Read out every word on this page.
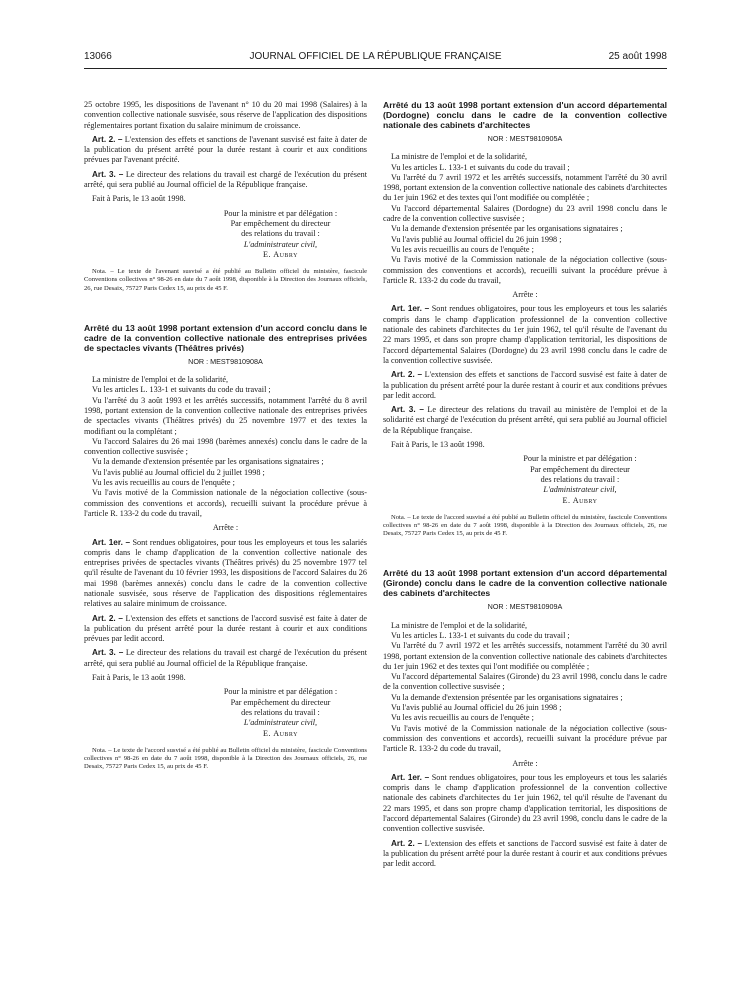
13066	JOURNAL OFFICIEL DE LA RÉPUBLIQUE FRANÇAISE	25 août 1998

25 octobre 1995, les dispositions de l'avenant n° 10 du 20 mai 1998 (Salaires) à la convention collective nationale susvisée, sous réserve de l'application des dispositions réglementaires portant fixation du salaire minimum de croissance.

Art. 2. – L'extension des effets et sanctions de l'avenant susvisé est faite à dater de la publication du présent arrêté pour la durée restant à courir et aux conditions prévues par l'avenant précité.

Art. 3. – Le directeur des relations du travail est chargé de l'exécution du présent arrêté, qui sera publié au Journal officiel de la République française.

Fait à Paris, le 13 août 1998.

Pour la ministre et par délégation :

Par empêchement du directeur

des relations du travail :

L'administrateur civil,

E. Aubry

Nota. – Le texte de l'avenant susvisé a été publié au Bulletin officiel du ministère, fascicule Conventions collectives n° 98-26 en date du 7 août 1998, disponible à la Direction des Journaux officiels, 26, rue Desaix, 75727 Paris Cedex 15, au prix de 45 F.

Arrêté du 13 août 1998 portant extension d'un accord conclu dans le cadre de la convention collective nationale des entreprises privées de spectacles vivants (Théâtres privés)

NOR : MEST9810908A

La ministre de l'emploi et de la solidarité,

Vu les articles L. 133-1 et suivants du code du travail ;

Vu l'arrêté du 3 août 1993 et les arrêtés successifs, notamment l'arrêté du 8 avril 1998, portant extension de la convention collective nationale des entreprises privées de spectacles vivants (Théâtres privés) du 25 novembre 1977 et des textes la modifiant ou la complétant ;

Vu l'accord Salaires du 26 mai 1998 (barèmes annexés) conclu dans le cadre de la convention collective susvisée ;

Vu la demande d'extension présentée par les organisations signataires ;

Vu l'avis publié au Journal officiel du 2 juillet 1998 ;

Vu les avis recueillis au cours de l'enquête ;

Vu l'avis motivé de la Commission nationale de la négociation collective (sous-commission des conventions et accords), recueilli suivant la procédure prévue à l'article R. 133-2 du code du travail,

Arrête :

Art. 1er. – Sont rendues obligatoires, pour tous les employeurs et tous les salariés compris dans le champ d'application de la convention collective nationale des entreprises privées de spectacles vivants (Théâtres privés) du 25 novembre 1977 tel qu'il résulte de l'avenant du 10 février 1993, les dispositions de l'accord Salaires du 26 mai 1998 (barèmes annexés) conclu dans le cadre de la convention collective nationale susvisée, sous réserve de l'application des dispositions réglementaires relatives au salaire minimum de croissance.

Art. 2. – L'extension des effets et sanctions de l'accord susvisé est faite à dater de la publication du présent arrêté pour la durée restant à courir et aux conditions prévues par ledit accord.

Art. 3. – Le directeur des relations du travail est chargé de l'exécution du présent arrêté, qui sera publié au Journal officiel de la République française.

Fait à Paris, le 13 août 1998.

Pour la ministre et par délégation :

Par empêchement du directeur

des relations du travail :

L'administrateur civil,

E. Aubry

Nota. – Le texte de l'accord susvisé a été publié au Bulletin officiel du ministère, fascicule Conventions collectives n° 98-26 en date du 7 août 1998, disponible à la Direction des Journaux officiels, 26, rue Desaix, 75727 Paris Cedex 15, au prix de 45 F.

Arrêté du 13 août 1998 portant extension d'un accord départemental (Dordogne) conclu dans le cadre de la convention collective nationale des cabinets d'architectes

NOR : MEST9810905A

La ministre de l'emploi et de la solidarité,

Vu les articles L. 133-1 et suivants du code du travail ;

Vu l'arrêté du 7 avril 1972 et les arrêtés successifs, notamment l'arrêté du 30 avril 1998, portant extension de la convention collective nationale des cabinets d'architectes du 1er juin 1962 et des textes qui l'ont modifiée ou complétée ;

Vu l'accord départemental Salaires (Dordogne) du 23 avril 1998 conclu dans le cadre de la convention collective susvisée ;

Vu la demande d'extension présentée par les organisations signataires ;

Vu l'avis publié au Journal officiel du 26 juin 1998 ;

Vu les avis recueillis au cours de l'enquête ;

Vu l'avis motivé de la Commission nationale de la négociation collective (sous-commission des conventions et accords), recueilli suivant la procédure prévue à l'article R. 133-2 du code du travail,

Arrête :

Art. 1er. – Sont rendues obligatoires, pour tous les employeurs et tous les salariés compris dans le champ d'application professionnel de la convention collective nationale des cabinets d'architectes du 1er juin 1962, tel qu'il résulte de l'avenant du 22 mars 1995, et dans son propre champ d'application territorial, les dispositions de l'accord départemental Salaires (Dordogne) du 23 avril 1998 conclu dans le cadre de la convention collective susvisée.

Art. 2. – L'extension des effets et sanctions de l'accord susvisé est faite à dater de la publication du présent arrêté pour la durée restant à courir et aux conditions prévues par ledit accord.

Art. 3. – Le directeur des relations du travail au ministère de l'emploi et de la solidarité est chargé de l'exécution du présent arrêté, qui sera publié au Journal officiel de la République française.

Fait à Paris, le 13 août 1998.

Pour la ministre et par délégation :

Par empêchement du directeur

des relations du travail :

L'administrateur civil,

E. Aubry

Nota. – Le texte de l'accord susvisé a été publié au Bulletin officiel du ministère, fascicule Conventions collectives n° 98-26 en date du 7 août 1998, disponible à la Direction des Journaux officiels, 26, rue Desaix, 75727 Paris Cedex 15, au prix de 45 F.

Arrêté du 13 août 1998 portant extension d'un accord départemental (Gironde) conclu dans le cadre de la convention collective nationale des cabinets d'architectes

NOR : MEST9810909A

La ministre de l'emploi et de la solidarité,

Vu les articles L. 133-1 et suivants du code du travail ;

Vu l'arrêté du 7 avril 1972 et les arrêtés successifs, notamment l'arrêté du 30 avril 1998, portant extension de la convention collective nationale des cabinets d'architectes du 1er juin 1962 et des textes qui l'ont modifiée ou complétée ;

Vu l'accord départemental Salaires (Gironde) du 23 avril 1998, conclu dans le cadre de la convention collective susvisée ;

Vu la demande d'extension présentée par les organisations signataires ;

Vu l'avis publié au Journal officiel du 26 juin 1998 ;

Vu les avis recueillis au cours de l'enquête ;

Vu l'avis motivé de la Commission nationale de la négociation collective (sous-commission des conventions et accords), recueilli suivant la procédure prévue par l'article R. 133-2 du code du travail,

Arrête :

Art. 1er. – Sont rendues obligatoires, pour tous les employeurs et tous les salariés compris dans le champ d'application professionnel de la convention collective nationale des cabinets d'architectes du 1er juin 1962, tel qu'il résulte de l'avenant du 22 mars 1995, et dans son propre champ d'application territorial, les dispositions de l'accord départemental Salaires (Gironde) du 23 avril 1998, conclu dans le cadre de la convention collective susvisée.

Art. 2. – L'extension des effets et sanctions de l'accord susvisé est faite à dater de la publication du présent arrêté pour la durée restant à courir et aux conditions prévues par ledit accord.
